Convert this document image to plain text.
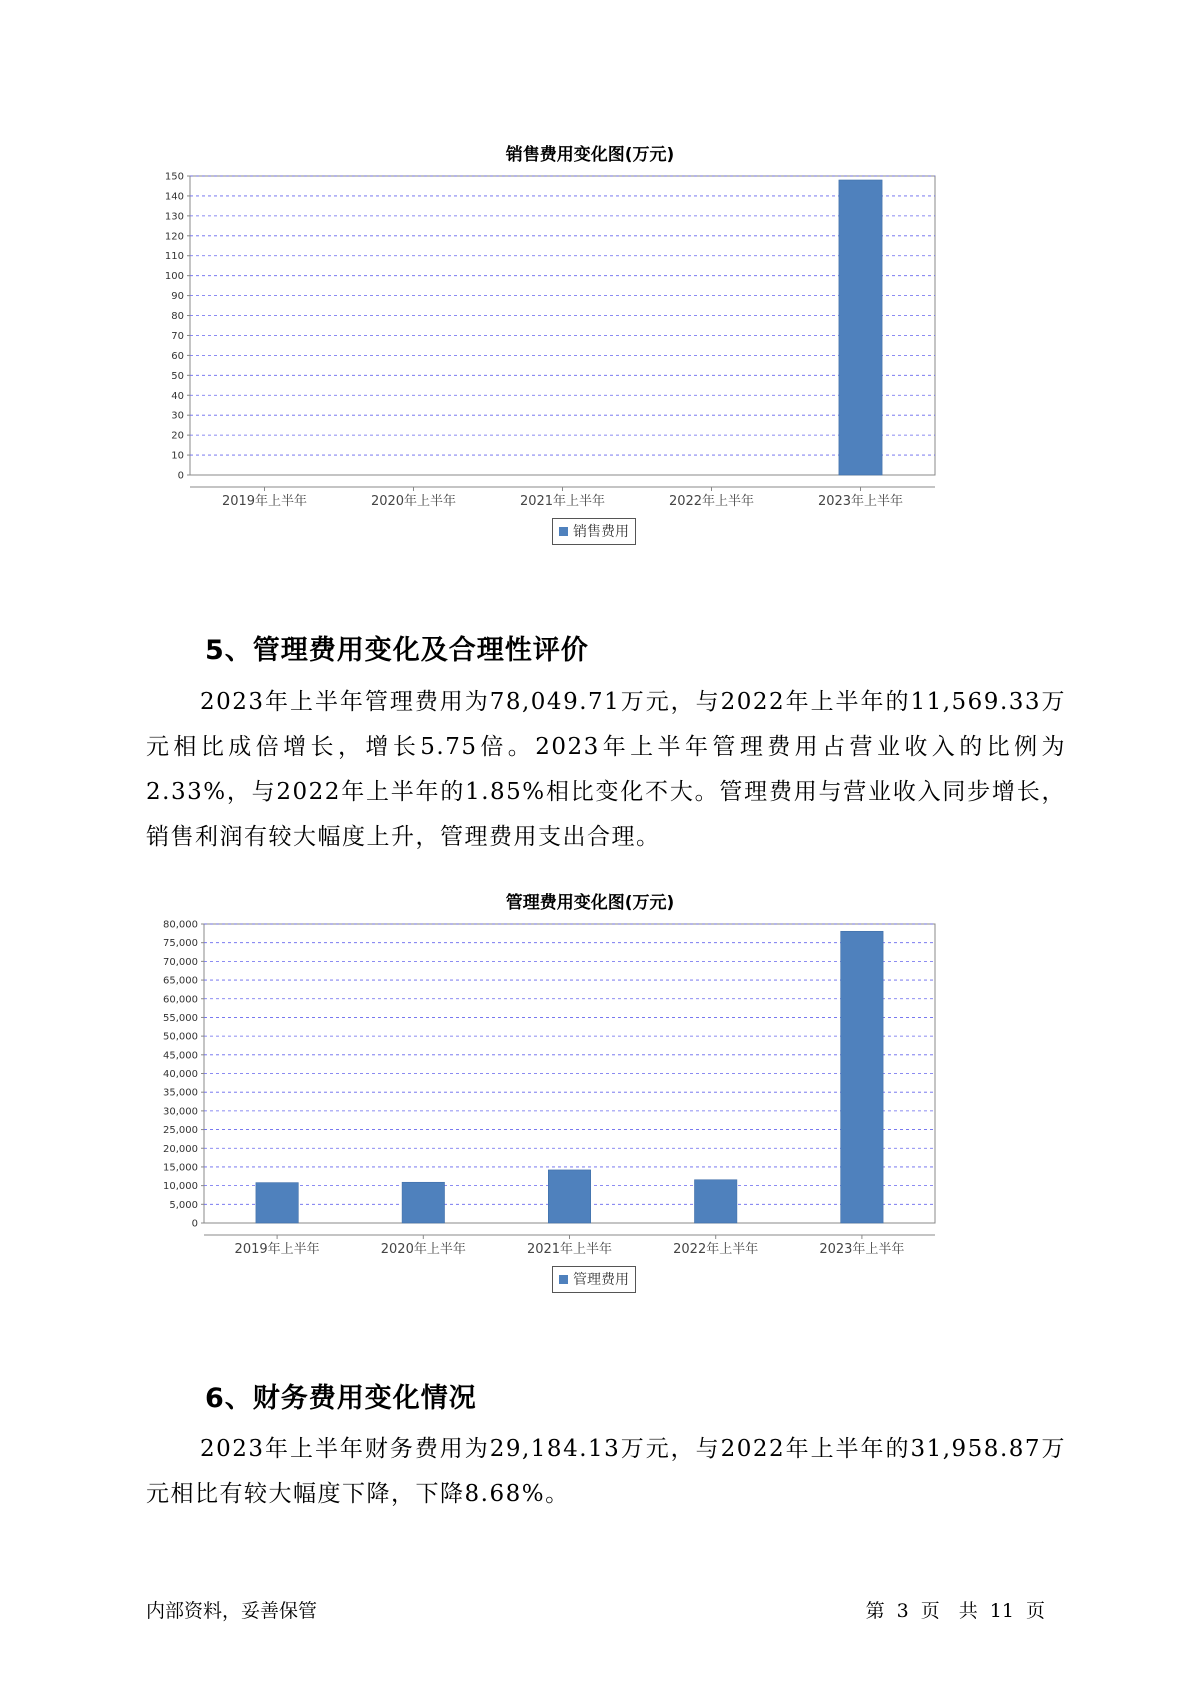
销售费用变化图(万元)
0
10
20
30
40
50
60
70
80
90
100
110
120
130
140
150
2019年上半年	2020年上半年	2021年上半年	2022年上半年	2023年上半年
销售费用
5、管理费用变化及合理性评价

2023年上半年管理费用为78,049.71万元，与2022年上半年的11,569.33万元相比成倍增长，增长5.75倍。2023年上半年管理费用占营业收入的比例为2.33%，与2022年上半年的1.85%相比变化不大。管理费用与营业收入同步增长，销售利润有较大幅度上升，管理费用支出合理。

管理费用变化图(万元)
0
5,000
10,000
15,000
20,000
25,000
30,000
35,000
40,000
45,000
50,000
55,000
60,000
65,000
70,000
75,000
80,000
2019年上半年	2020年上半年	2021年上半年	2022年上半年	2023年上半年
管理费用
6、财务费用变化情况

2023年上半年财务费用为29,184.13万元，与2022年上半年的31,958.87万元相比有较大幅度下降，下降8.68%。

内部资料，妥善保管	第 3 页　共 11 页
